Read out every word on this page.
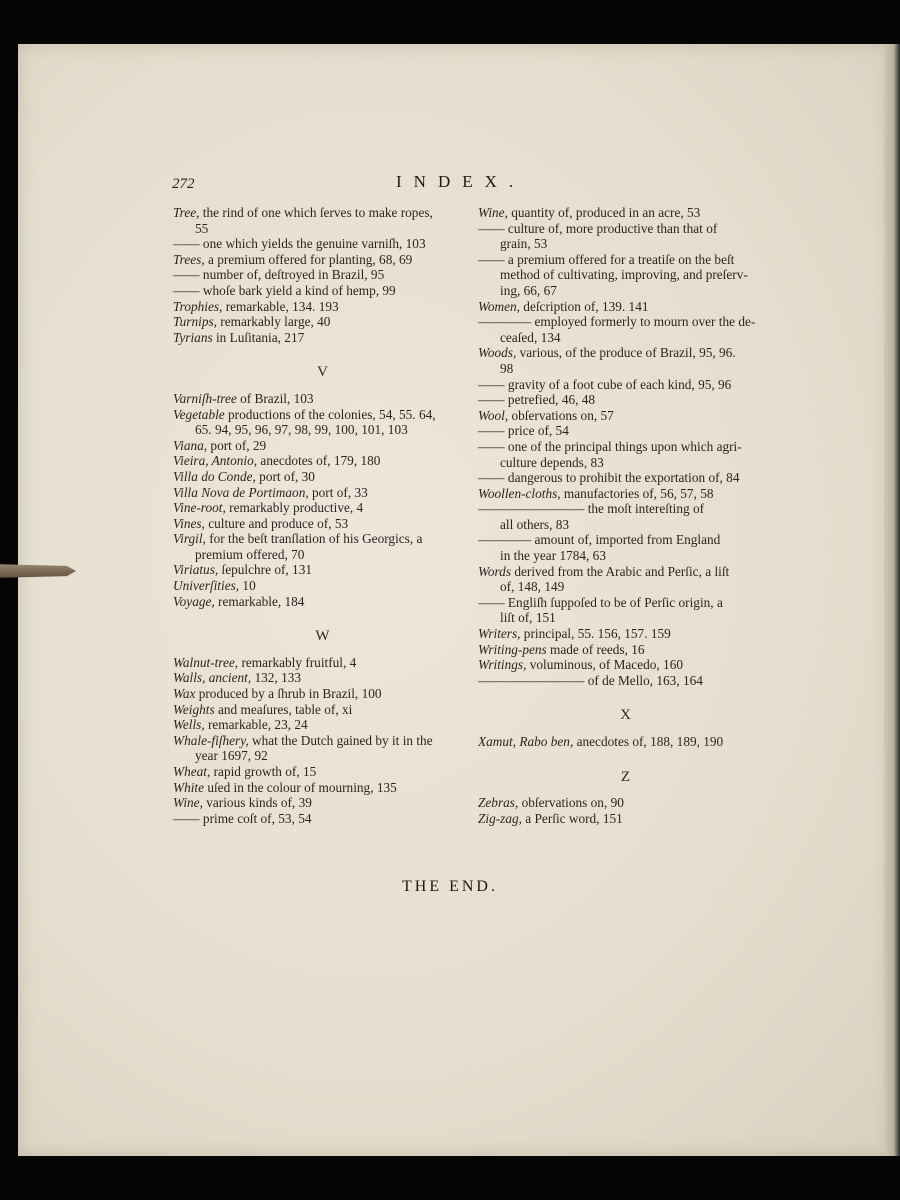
272	INDEX.
Tree, the rind of one which ſerves to make ropes,
55
—— one which yields the genuine varniſh, 103
Trees, a premium offered for planting, 68, 69
—— number of, deſtroyed in Brazil, 95
—— whoſe bark yield a kind of hemp, 99
Trophies, remarkable, 134. 193
Turnips, remarkably large, 40
Tyrians in Luſitania, 217
V
Varniſh-tree of Brazil, 103
Vegetable productions of the colonies, 54, 55. 64,
65. 94, 95, 96, 97, 98, 99, 100, 101, 103
Viana, port of, 29
Vieira, Antonio, anecdotes of, 179, 180
Villa do Conde, port of, 30
Villa Nova de Portimaon, port of, 33
Vine-root, remarkably productive, 4
Vines, culture and produce of, 53
Virgil, for the beſt tranſlation of his Georgics, a
premium offered, 70
Viriatus, ſepulchre of, 131
Univerſities, 10
Voyage, remarkable, 184
W
Walnut-tree, remarkably fruitful, 4
Walls, ancient, 132, 133
Wax produced by a ſhrub in Brazil, 100
Weights and meaſures, table of, xi
Wells, remarkable, 23, 24
Whale-fiſhery, what the Dutch gained by it in the
year 1697, 92
Wheat, rapid growth of, 15
White uſed in the colour of mourning, 135
Wine, various kinds of, 39
—— prime coſt of, 53, 54
Wine, quantity of, produced in an acre, 53
—— culture of, more productive than that of
grain, 53
—— a premium offered for a treatiſe on the beſt
method of cultivating, improving, and preſerv-
ing, 66, 67
Women, deſcription of, 139. 141
———— employed formerly to mourn over the de-
ceaſed, 134
Woods, various, of the produce of Brazil, 95, 96.
98
—— gravity of a foot cube of each kind, 95, 96
—— petrefied, 46, 48
Wool, obſervations on, 57
—— price of, 54
—— one of the principal things upon which agri-
culture depends, 83
—— dangerous to prohibit the exportation of, 84
Woollen-cloths, manufactories of, 56, 57, 58
————— the moſt intereſting of
all others, 83
———— amount of, imported from England
in the year 1784, 63
Words derived from the Arabic and Perſic, a liſt
of, 148, 149
—— Engliſh ſuppoſed to be of Perſic origin, a
liſt of, 151
Writers, principal, 55. 156, 157. 159
Writing-pens made of reeds, 16
Writings, voluminous, of Macedo, 160
————— of de Mello, 163, 164
X
Xamut, Rabo ben, anecdotes of, 188, 189, 190
Z
Zebras, obſervations on, 90
Zig-zag, a Perſic word, 151
THE END.
